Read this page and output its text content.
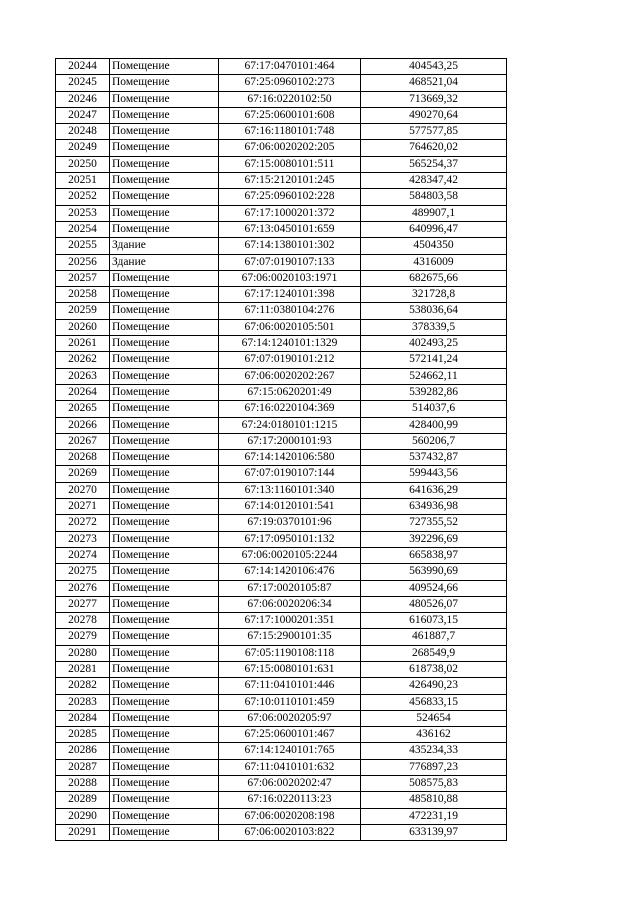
20244	Помещение	67:17:0470101:464	404543,25
20245	Помещение	67:25:0960102:273	468521,04
20246	Помещение	67:16:0220102:50	713669,32
20247	Помещение	67:25:0600101:608	490270,64
20248	Помещение	67:16:1180101:748	577577,85
20249	Помещение	67:06:0020202:205	764620,02
20250	Помещение	67:15:0080101:511	565254,37
20251	Помещение	67:15:2120101:245	428347,42
20252	Помещение	67:25:0960102:228	584803,58
20253	Помещение	67:17:1000201:372	489907,1
20254	Помещение	67:13:0450101:659	640996,47
20255	Здание	67:14:1380101:302	4504350
20256	Здание	67:07:0190107:133	4316009
20257	Помещение	67:06:0020103:1971	682675,66
20258	Помещение	67:17:1240101:398	321728,8
20259	Помещение	67:11:0380104:276	538036,64
20260	Помещение	67:06:0020105:501	378339,5
20261	Помещение	67:14:1240101:1329	402493,25
20262	Помещение	67:07:0190101:212	572141,24
20263	Помещение	67:06:0020202:267	524662,11
20264	Помещение	67:15:0620201:49	539282,86
20265	Помещение	67:16:0220104:369	514037,6
20266	Помещение	67:24:0180101:1215	428400,99
20267	Помещение	67:17:2000101:93	560206,7
20268	Помещение	67:14:1420106:580	537432,87
20269	Помещение	67:07:0190107:144	599443,56
20270	Помещение	67:13:1160101:340	641636,29
20271	Помещение	67:14:0120101:541	634936,98
20272	Помещение	67:19:0370101:96	727355,52
20273	Помещение	67:17:0950101:132	392296,69
20274	Помещение	67:06:0020105:2244	665838,97
20275	Помещение	67:14:1420106:476	563990,69
20276	Помещение	67:17:0020105:87	409524,66
20277	Помещение	67:06:0020206:34	480526,07
20278	Помещение	67:17:1000201:351	616073,15
20279	Помещение	67:15:2900101:35	461887,7
20280	Помещение	67:05:1190108:118	268549,9
20281	Помещение	67:15:0080101:631	618738,02
20282	Помещение	67:11:0410101:446	426490,23
20283	Помещение	67:10:0110101:459	456833,15
20284	Помещение	67:06:0020205:97	524654
20285	Помещение	67:25:0600101:467	436162
20286	Помещение	67:14:1240101:765	435234,33
20287	Помещение	67:11:0410101:632	776897,23
20288	Помещение	67:06:0020202:47	508575,83
20289	Помещение	67:16:0220113:23	485810,88
20290	Помещение	67:06:0020208:198	472231,19
20291	Помещение	67:06:0020103:822	633139,97
